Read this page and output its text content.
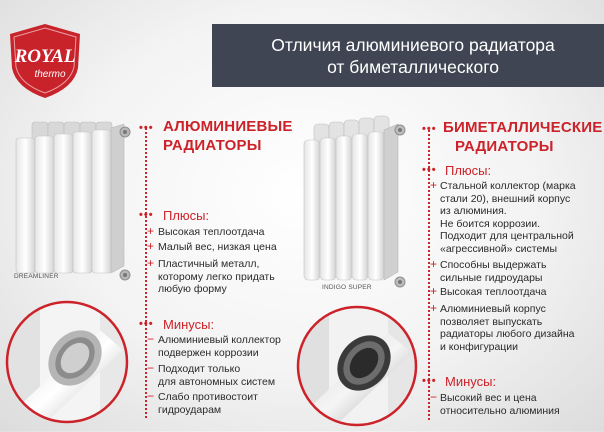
ROYAL
thermo
Отличия алюминиевого радиатора
от биметаллического
DREAMLINER
INDIGO SUPER
••• АЛЮМИНИЕВЫЕ
РАДИАТОРЫ
••• Плюсы:
+ Высокая теплоотдача
+ Малый вес, низкая цена
+ Пластичный металл,
которому легко придать
любую форму
••• Минусы:
− Алюминиевый коллектор
подвержен коррозии
− Подходит только
для автономных систем
− Слабо противостоит
гидроударам
••• БИМЕТАЛЛИЧЕСКИЕ
РАДИАТОРЫ
••• Плюсы:
+ Стальной коллектор (марка
стали 20), внешний корпус
из алюминия.
Не боится коррозии.
Подходит для центральной
«агрессивной» системы
+ Способны выдержать
сильные гидроудары
+ Высокая теплоотдача
+ Алюминиевый корпус
позволяет выпускать
радиаторы любого дизайна
и конфигурации
••• Минусы:
− Высокий вес и цена
относительно алюминия
